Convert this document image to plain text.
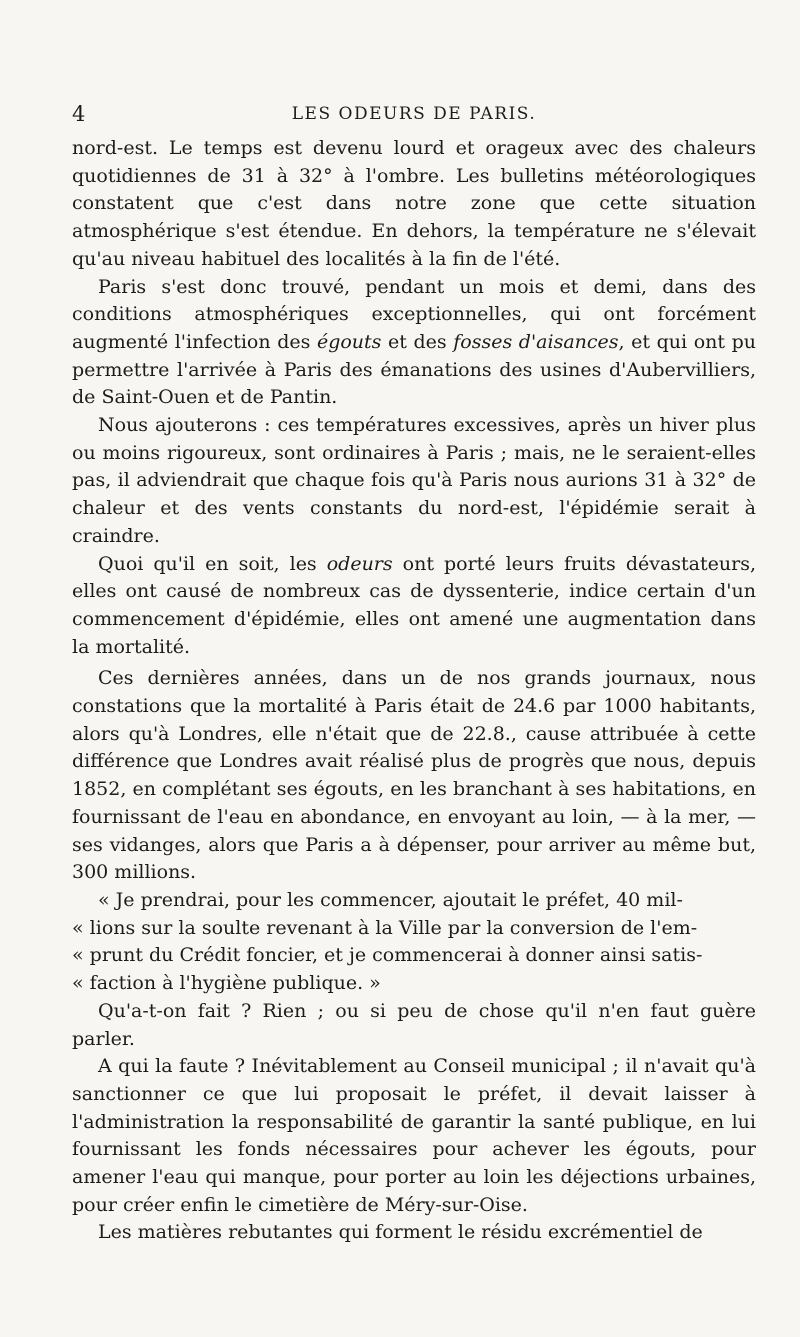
4	LES ODEURS DE PARIS.

nord-est. Le temps est devenu lourd et orageux avec des chaleurs quotidiennes de 31 à 32° à l'ombre. Les bulletins météorologiques constatent que c'est dans notre zone que cette situation atmosphérique s'est étendue. En dehors, la température ne s'élevait qu'au niveau habituel des localités à la fin de l'été.

Paris s'est donc trouvé, pendant un mois et demi, dans des conditions atmosphériques exceptionnelles, qui ont forcément augmenté l'infection des égouts et des fosses d'aisances, et qui ont pu permettre l'arrivée à Paris des émanations des usines d'Aubervilliers, de Saint-Ouen et de Pantin.

Nous ajouterons : ces températures excessives, après un hiver plus ou moins rigoureux, sont ordinaires à Paris ; mais, ne le seraient-elles pas, il adviendrait que chaque fois qu'à Paris nous aurions 31 à 32° de chaleur et des vents constants du nord-est, l'épidémie serait à craindre.

Quoi qu'il en soit, les odeurs ont porté leurs fruits dévastateurs, elles ont causé de nombreux cas de dyssenterie, indice certain d'un commencement d'épidémie, elles ont amené une augmentation dans la mortalité.

Ces dernières années, dans un de nos grands journaux, nous constations que la mortalité à Paris était de 24.6 par 1000 habitants, alors qu'à Londres, elle n'était que de 22.8., cause attribuée à cette différence que Londres avait réalisé plus de progrès que nous, depuis 1852, en complétant ses égouts, en les branchant à ses habitations, en fournissant de l'eau en abondance, en envoyant au loin, — à la mer, — ses vidanges, alors que Paris a à dépenser, pour arriver au même but, 300 millions.

« Je prendrai, pour les commencer, ajoutait le préfet, 40 mil-

« lions sur la soulte revenant à la Ville par la conversion de l'em-

« prunt du Crédit foncier, et je commencerai à donner ainsi satis-

« faction à l'hygiène publique. »

Qu'a-t-on fait ? Rien ; ou si peu de chose qu'il n'en faut guère parler.

A qui la faute ? Inévitablement au Conseil municipal ; il n'avait qu'à sanctionner ce que lui proposait le préfet, il devait laisser à l'administration la responsabilité de garantir la santé publique, en lui fournissant les fonds nécessaires pour achever les égouts, pour amener l'eau qui manque, pour porter au loin les déjections urbaines, pour créer enfin le cimetière de Méry-sur-Oise.

Les matières rebutantes qui forment le résidu excrémentiel de
